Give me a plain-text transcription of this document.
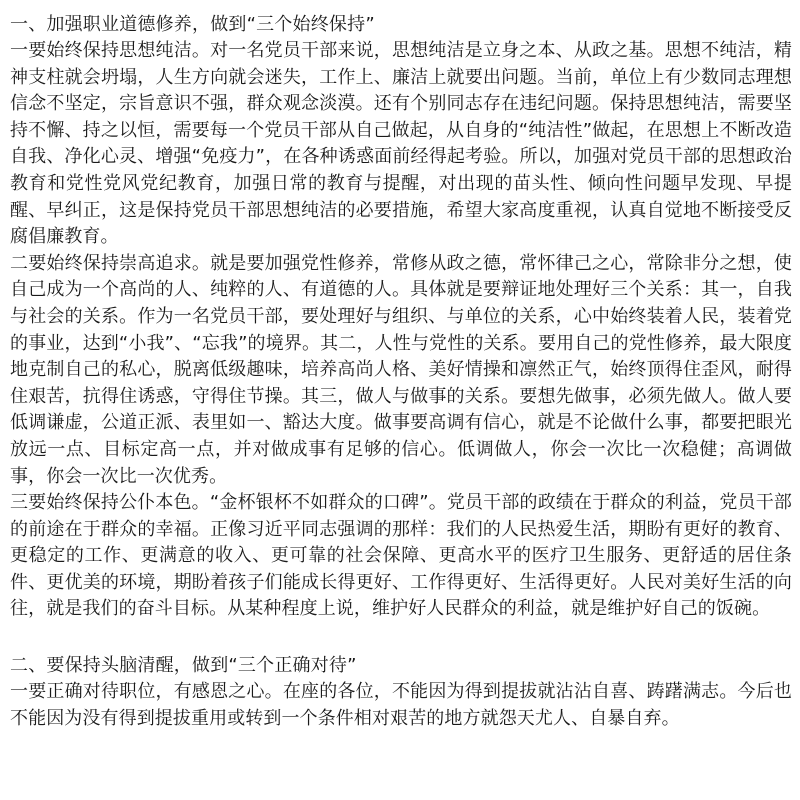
一、加强职业道德修养，做到“三个始终保持”

一要始终保持思想纯洁。对一名党员干部来说，思想纯洁是立身之本、从政之基。思想不纯洁，精神支柱就会坍塌，人生方向就会迷失，工作上、廉洁上就要出问题。当前，单位上有少数同志理想信念不坚定，宗旨意识不强，群众观念淡漠。还有个别同志存在违纪问题。保持思想纯洁，需要坚持不懈、持之以恒，需要每一个党员干部从自己做起，从自身的“纯洁性”做起，在思想上不断改造自我、净化心灵、增强“免疫力”，在各种诱惑面前经得起考验。所以，加强对党员干部的思想政治教育和党性党风党纪教育，加强日常的教育与提醒，对出现的苗头性、倾向性问题早发现、早提醒、早纠正，这是保持党员干部思想纯洁的必要措施，希望大家高度重视，认真自觉地不断接受反腐倡廉教育。

二要始终保持崇高追求。就是要加强党性修养，常修从政之德，常怀律己之心，常除非分之想，使自己成为一个高尚的人、纯粹的人、有道德的人。具体就是要辩证地处理好三个关系：其一，自我与社会的关系。作为一名党员干部，要处理好与组织、与单位的关系，心中始终装着人民，装着党的事业，达到“小我”、“忘我”的境界。其二，人性与党性的关系。要用自己的党性修养，最大限度地克制自己的私心，脱离低级趣味，培养高尚人格、美好情操和凛然正气，始终顶得住歪风，耐得住艰苦，抗得住诱惑，守得住节操。其三，做人与做事的关系。要想先做事，必须先做人。做人要低调谦虚，公道正派、表里如一、豁达大度。做事要高调有信心，就是不论做什么事，都要把眼光放远一点、目标定高一点，并对做成事有足够的信心。低调做人，你会一次比一次稳健；高调做事，你会一次比一次优秀。

三要始终保持公仆本色。“金杯银杯不如群众的口碑”。党员干部的政绩在于群众的利益，党员干部的前途在于群众的幸福。正像习近平同志强调的那样：我们的人民热爱生活，期盼有更好的教育、更稳定的工作、更满意的收入、更可靠的社会保障、更高水平的医疗卫生服务、更舒适的居住条件、更优美的环境，期盼着孩子们能成长得更好、工作得更好、生活得更好。人民对美好生活的向往，就是我们的奋斗目标。从某种程度上说，维护好人民群众的利益，就是维护好自己的饭碗。

二、要保持头脑清醒，做到“三个正确对待”

一要正确对待职位，有感恩之心。在座的各位，不能因为得到提拔就沾沾自喜、踌躇满志。今后也不能因为没有得到提拔重用或转到一个条件相对艰苦的地方就怨天尤人、自暴自弃。
